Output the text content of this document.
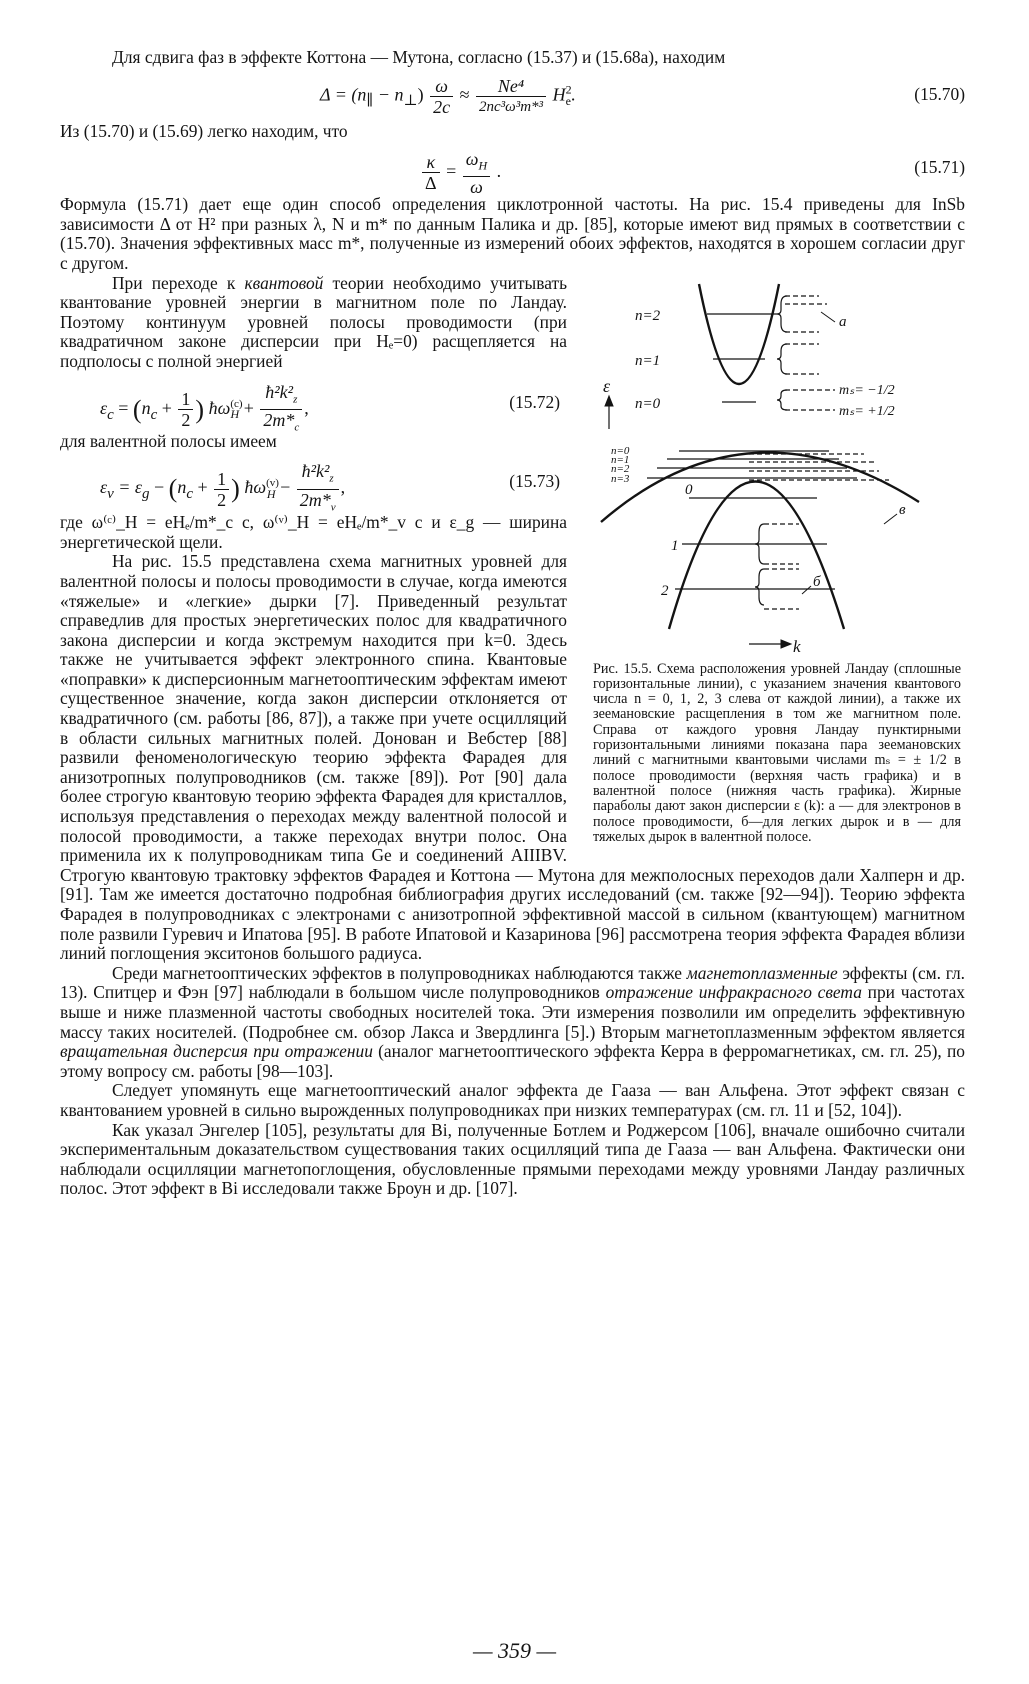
Для сдвига фаз в эффекте Коттона — Мутона, согласно (15.37) и (15.68а), находим

$\Delta = (n_\parallel - n_\perp) \frac{\omega}{2c} \approx \frac{\text{Ne⁴}}{\text{2nc³ω³m*³}} H^2_e$.	(15.70)

Из (15.70) и (15.69) легко находим, что

$\frac{\kappa}{\Delta} = \frac{\omega_H}{\omega}$ .	(15.71)

Формула (15.71) дает еще один способ определения циклотронной частоты. На рис. 15.4 приведены для InSb зависимости Δ от H² при разных λ, N и m* по данным Палика и др. [85], которые имеют вид прямых в соответствии с (15.70). Значения эффективных масс m*, полученные из измерений обоих эффектов, находятся в хорошем согласии друг с другом.

n=2
n=1
n=0
ε
a
mₛ= −1/2
mₛ= +1/2
n=0
n=1
n=2
n=3
0
1
2
б
в
k

Рис. 15.5. Схема расположения уровней Ландау (сплошные горизонтальные линии), с указанием значения квантового числа n = 0, 1, 2, 3 слева от каждой линии), а также их зеемановские расщепления в том же магнитном поле. Справа от каждого уровня Ландау пунктирными горизонтальными линиями показана пара зеемановских линий с магнитными квантовыми числами mₛ = ± 1/2 в полосе проводимости (верхняя часть графика) и в валентной полосе (нижняя часть графика). Жирные параболы дают закон дисперсии ε (k): а — для электронов в полосе проводимости, б—для легких дырок и в — для тяжелых дырок в валентной полосе.

При переходе к квантовой теории необходимо учитывать квантование уровней энергии в магнитном поле по Ландау. Поэтому континуум уровней полосы проводимости (при квадратичном законе дисперсии при Hₑ=0) расщепляется на подполосы с полной энергией

$\varepsilon_c = (n_c + \frac{1}{2}$ ) $ħ\omega^{(c)}_H + \frac{ħ^2k^2_z}{2m*_c}$ ,	(15.72)

для валентной полосы имеем

$\varepsilon_v = \varepsilon_g - (n_c + \frac{1}{2}$ ) $ħ\omega^{(v)}_H - \frac{ħ^2k^2_z}{2m*_v}$ ,	(15.73)

где ω⁽ᶜ⁾_H = eHₑ/m*_c c, ω⁽ᵛ⁾_H = eHₑ/m*_v c и ε_g — ширина энергетической щели.

На рис. 15.5 представлена схема магнитных уровней для валентной полосы и полосы проводимости в случае, когда имеются «тяжелые» и «легкие» дырки [7]. Приведенный результат справедлив для простых энергетических полос для квадратичного закона дисперсии и когда экстремум находится при k=0. Здесь также не учитывается эффект электронного спина. Квантовые «поправки» к дисперсионным магнетооптическим эффектам имеют существенное значение, когда закон дисперсии отклоняется от квадратичного (см. работы [86, 87]), а также при учете осцилляций в области сильных магнитных полей. Донован и Вебстер [88] развили феноменологическую теорию эффекта Фарадея для анизотропных полупроводников (см. также [89]). Рот [90] дала более строгую квантовую теорию эффекта Фарадея для кристаллов, используя представления о переходах между валентной полосой и полосой проводимости, а также переходах внутри полос. Она применила их к полупроводникам типа Ge и соединений AIIIBV. Строгую квантовую трактовку эффектов Фарадея и Коттона — Мутона для межполосных переходов дали Халперн и др. [91]. Там же имеется достаточно подробная библиография других исследований (см. также [92—94]). Теорию эффекта Фарадея в полупроводниках с электронами с анизотропной эффективной массой в сильном (квантующем) магнитном поле развили Гуревич и Ипатова [95]. В работе Ипатовой и Казаринова [96] рассмотрена теория эффекта Фарадея вблизи линий поглощения экситонов большого радиуса.

Среди магнетооптических эффектов в полупроводниках наблюдаются также магнетоплазменные эффекты (см. гл. 13). Спитцер и Фэн [97] наблюдали в большом числе полупроводников отражение инфракрасного света при частотах выше и ниже плазменной частоты свободных носителей тока. Эти измерения позволили им определить эффективную массу таких носителей. (Подробнее см. обзор Лакса и Звердлинга [5].) Вторым магнетоплазменным эффектом является вращательная дисперсия при отражении (аналог магнетооптического эффекта Керра в ферромагнетиках, см. гл. 25), по этому вопросу см. работы [98—103].

Следует упомянуть еще магнетооптический аналог эффекта де Гааза — ван Альфена. Этот эффект связан с квантованием уровней в сильно вырожденных полупроводниках при низких температурах (см. гл. 11 и [52, 104]).

Как указал Энгелер [105], результаты для Bi, полученные Ботлем и Роджерсом [106], вначале ошибочно считали экспериментальным доказательством существования таких осцилляций типа де Гааза — ван Альфена. Фактически они наблюдали осцилляции магнетопоглощения, обусловленные прямыми переходами между уровнями Ландау различных полос. Этот эффект в Bi исследовали также Броун и др. [107].

— 359 —
